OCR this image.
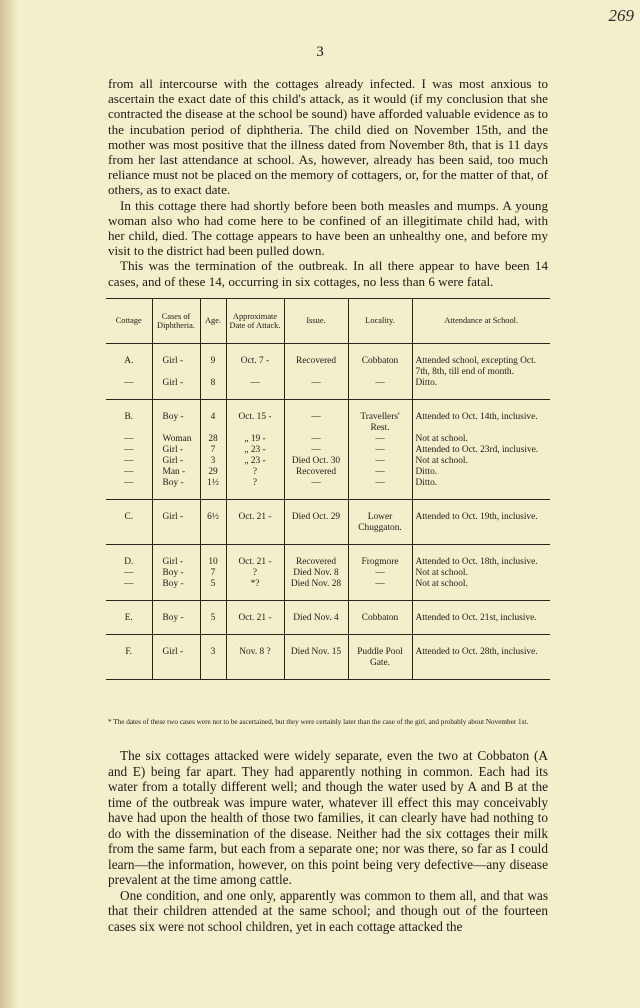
269
3

from all intercourse with the cottages already infected. I was most anxious to ascertain the exact date of this child's attack, as it would (if my conclusion that she contracted the disease at the school be sound) have afforded valuable evidence as to the incubation period of diphtheria. The child died on November 15th, and the mother was most positive that the illness dated from November 8th, that is 11 days from her last attendance at school. As, however, already has been said, too much reliance must not be placed on the memory of cottagers, or, for the matter of that, of others, as to exact date.

In this cottage there had shortly before been both measles and mumps. A young woman also who had come here to be confined of an illegitimate child had, with her child, died. The cottage appears to have been an unhealthy one, and before my visit to the district had been pulled down.

This was the termination of the outbreak. In all there appear to have been 14 cases, and of these 14, occurring in six cottages, no less than 6 were fatal.

Cottage	Cases of Diphtheria.	Age.	Approximate Date of Attack.	Issue.	Locality.	Attendance at School.
A.	Girl -	9	Oct. 7 -	Recovered	Cobbaton	Attended school, excepting Oct. 7th, 8th, till end of month.
—	Girl -	8	—	—	—	Ditto.
B.	Boy -	4	Oct. 15 -	—	Travellers' Rest.	Attended to Oct. 14th, inclusive.
—	Woman	28	„ 19 -	—	—	Not at school.
—	Girl -	7	„ 23 -	—	—	Attended to Oct. 23rd, inclusive.
—	Girl -	3	„ 23 -	Died Oct. 30	—	Not at school.
—	Man -	29	?	Recovered	—	Ditto.
—	Boy -	1½	?	—	—	Ditto.
C.	Girl -	6½	Oct. 21 -	Died Oct. 29	Lower Chuggaton.	Attended to Oct. 19th, inclusive.
D.	Girl -	10	Oct. 21 -	Recovered	Frogmore	Attended to Oct. 18th, inclusive.
—	Boy -	7	?	Died Nov. 8	—	Not at school.
—	Boy -	5	*?	Died Nov. 28	—	Not at school.
E.	Boy -	5	Oct. 21 -	Died Nov. 4	Cobbaton	Attended to Oct. 21st, inclusive.
F.	Girl -	3	Nov. 8 ?	Died Nov. 15	Puddle Pool Gate.	Attended to Oct. 28th, inclusive.
* The dates of these two cases were not to be ascertained, but they were certainly later than the case of the girl, and probably about November 1st.

The six cottages attacked were widely separate, even the two at Cobbaton (A and E) being far apart. They had apparently nothing in common. Each had its water from a totally different well; and though the water used by A and B at the time of the outbreak was impure water, whatever ill effect this may conceivably have had upon the health of those two families, it can clearly have had nothing to do with the dissemination of the disease. Neither had the six cottages their milk from the same farm, but each from a separate one; nor was there, so far as I could learn—the information, however, on this point being very defective—any disease prevalent at the time among cattle.

One condition, and one only, apparently was common to them all, and that was that their children attended at the same school; and though out of the fourteen cases six were not school children, yet in each cottage attacked the
